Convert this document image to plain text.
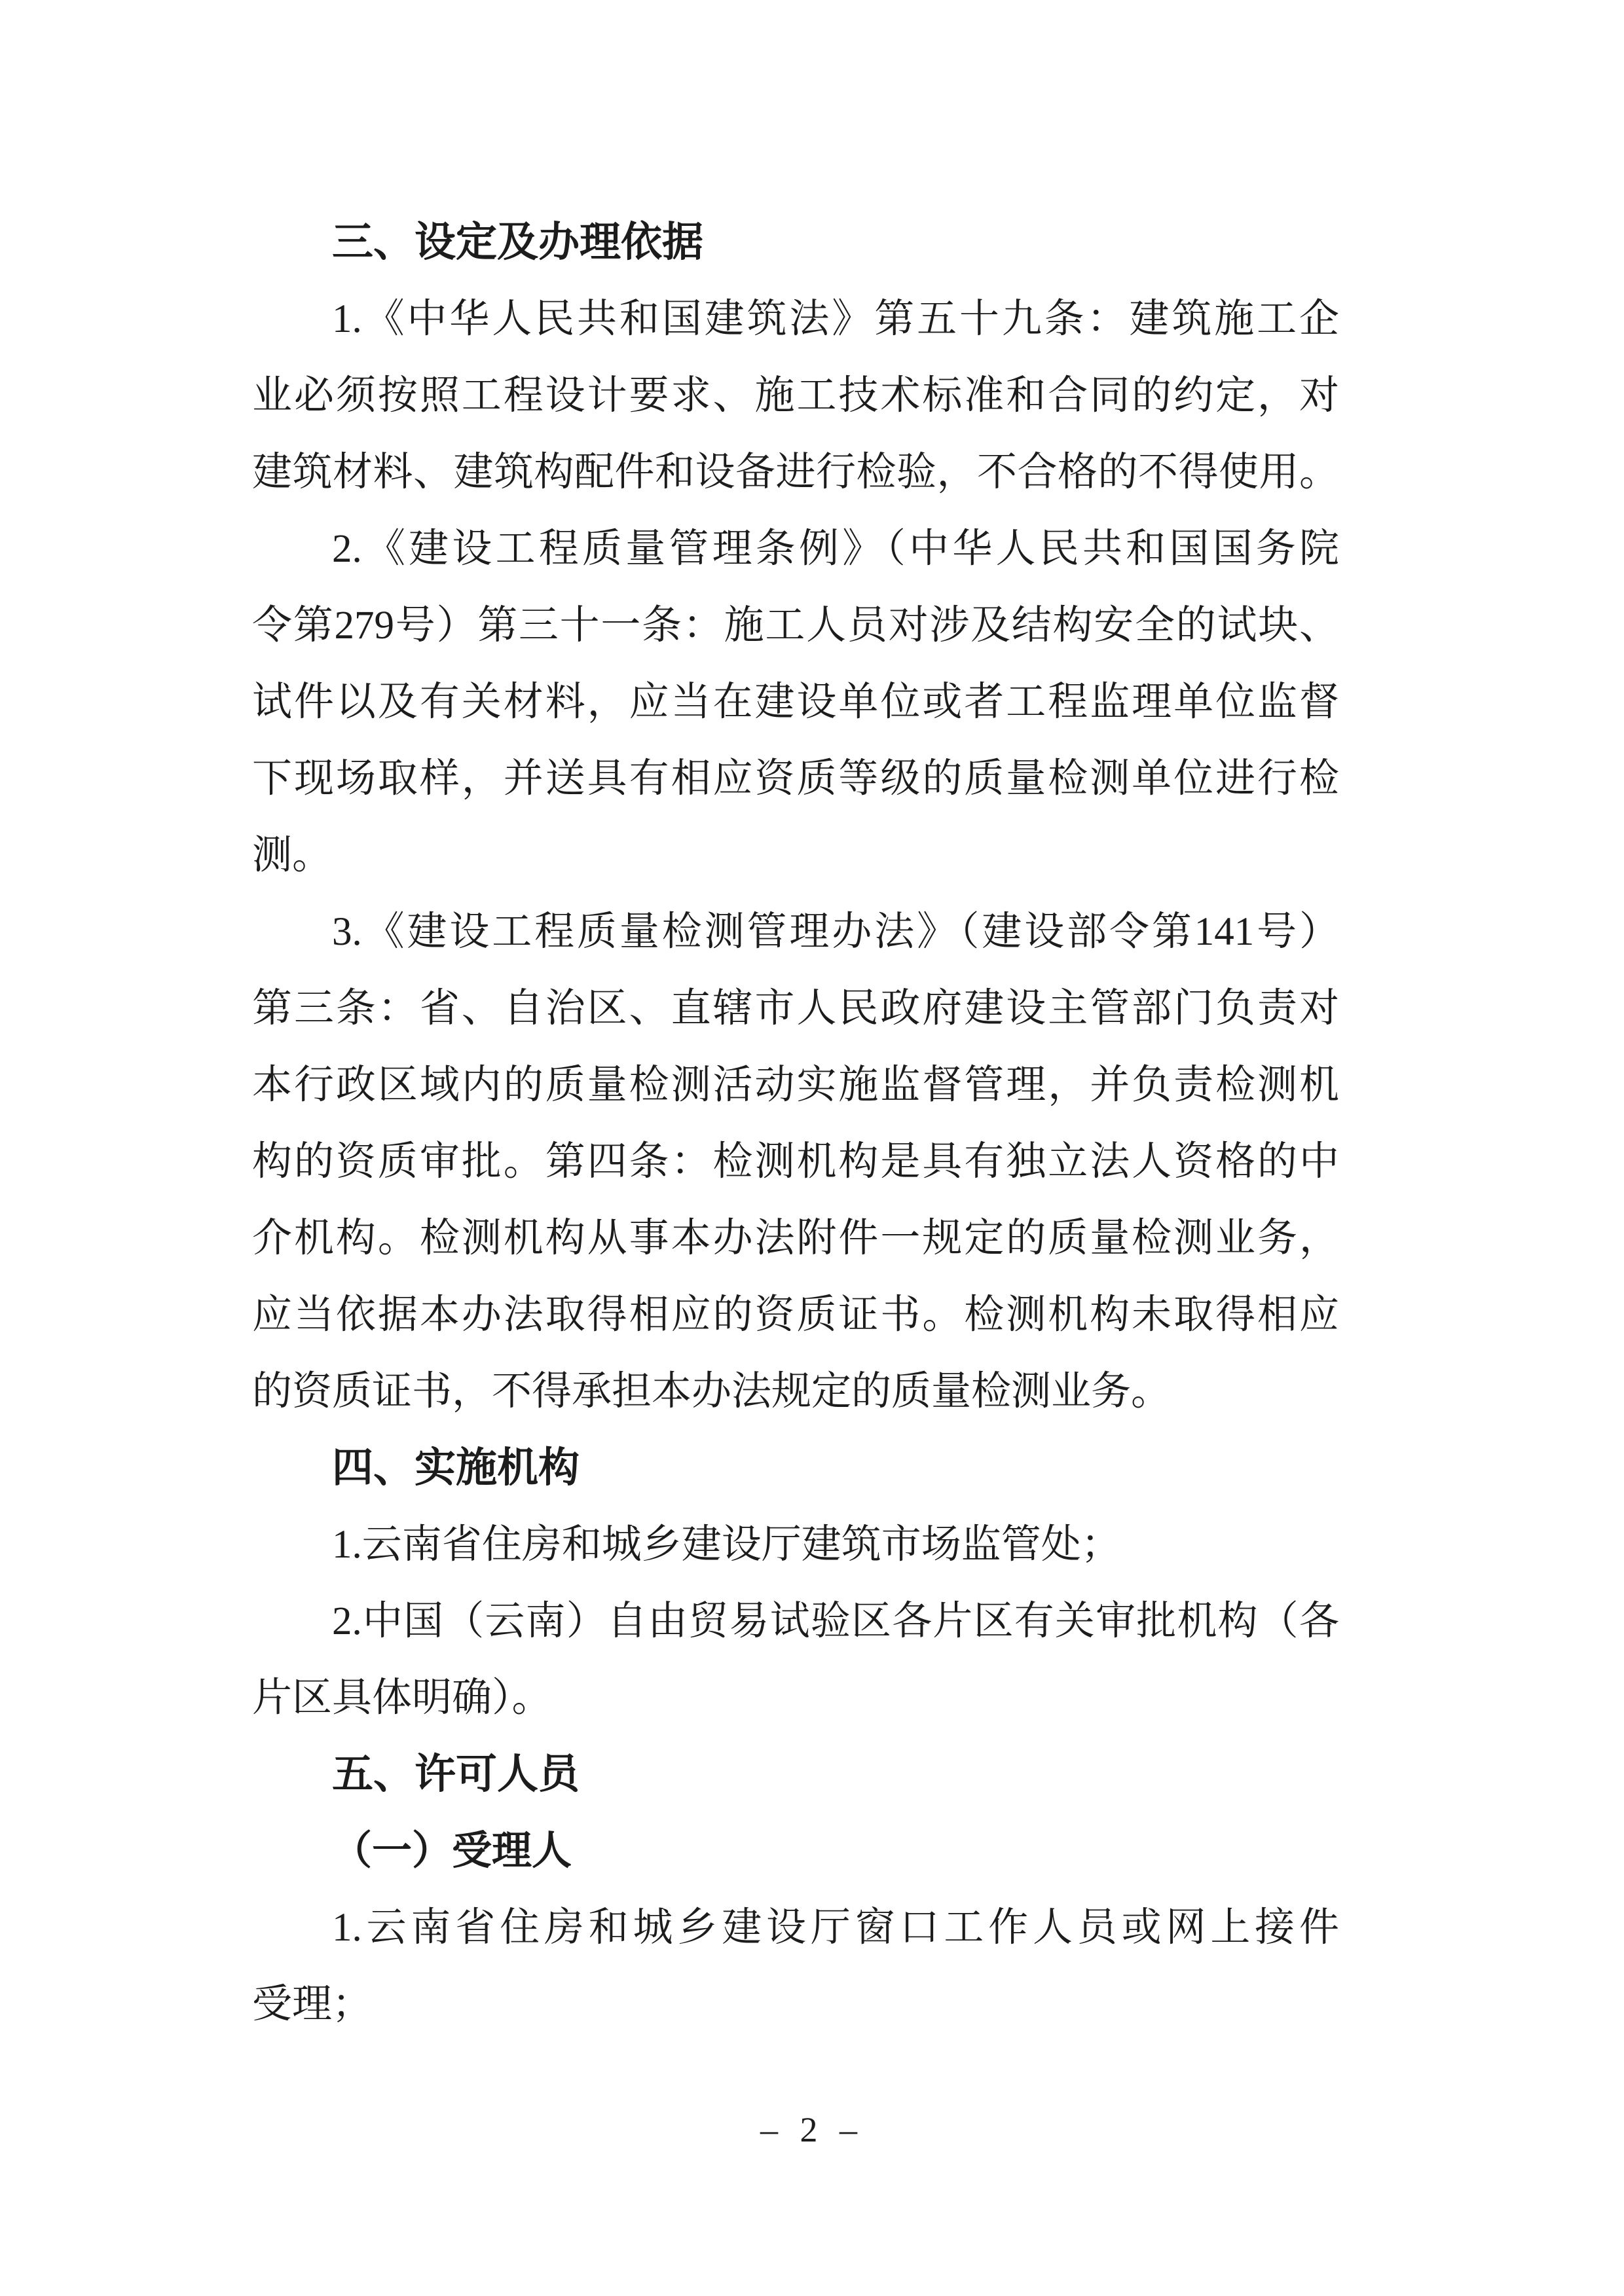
三、设定及办理依据
1.《中华人民共和国建筑法》第五十九条：建筑施工企
业必须按照工程设计要求、施工技术标准和合同的约定，对
建筑材料、建筑构配件和设备进行检验，不合格的不得使用。
2.《建设工程质量管理条例》（中华人民共和国国务院
令第279号）第三十一条：施工人员对涉及结构安全的试块、
试件以及有关材料，应当在建设单位或者工程监理单位监督
下现场取样，并送具有相应资质等级的质量检测单位进行检
测。
3.《建设工程质量检测管理办法》（建设部令第141号）
第三条：省、自治区、直辖市人民政府建设主管部门负责对
本行政区域内的质量检测活动实施监督管理，并负责检测机
构的资质审批。第四条：检测机构是具有独立法人资格的中
介机构。检测机构从事本办法附件一规定的质量检测业务，
应当依据本办法取得相应的资质证书。检测机构未取得相应
的资质证书，不得承担本办法规定的质量检测业务。
四、实施机构
1.云南省住房和城乡建设厅建筑市场监管处；
2.中国（云南）自由贸易试验区各片区有关审批机构（各
片区具体明确）。
五、许可人员
（一）受理人
1.云南省住房和城乡建设厅窗口工作人员或网上接件
受理；
– 2 –
